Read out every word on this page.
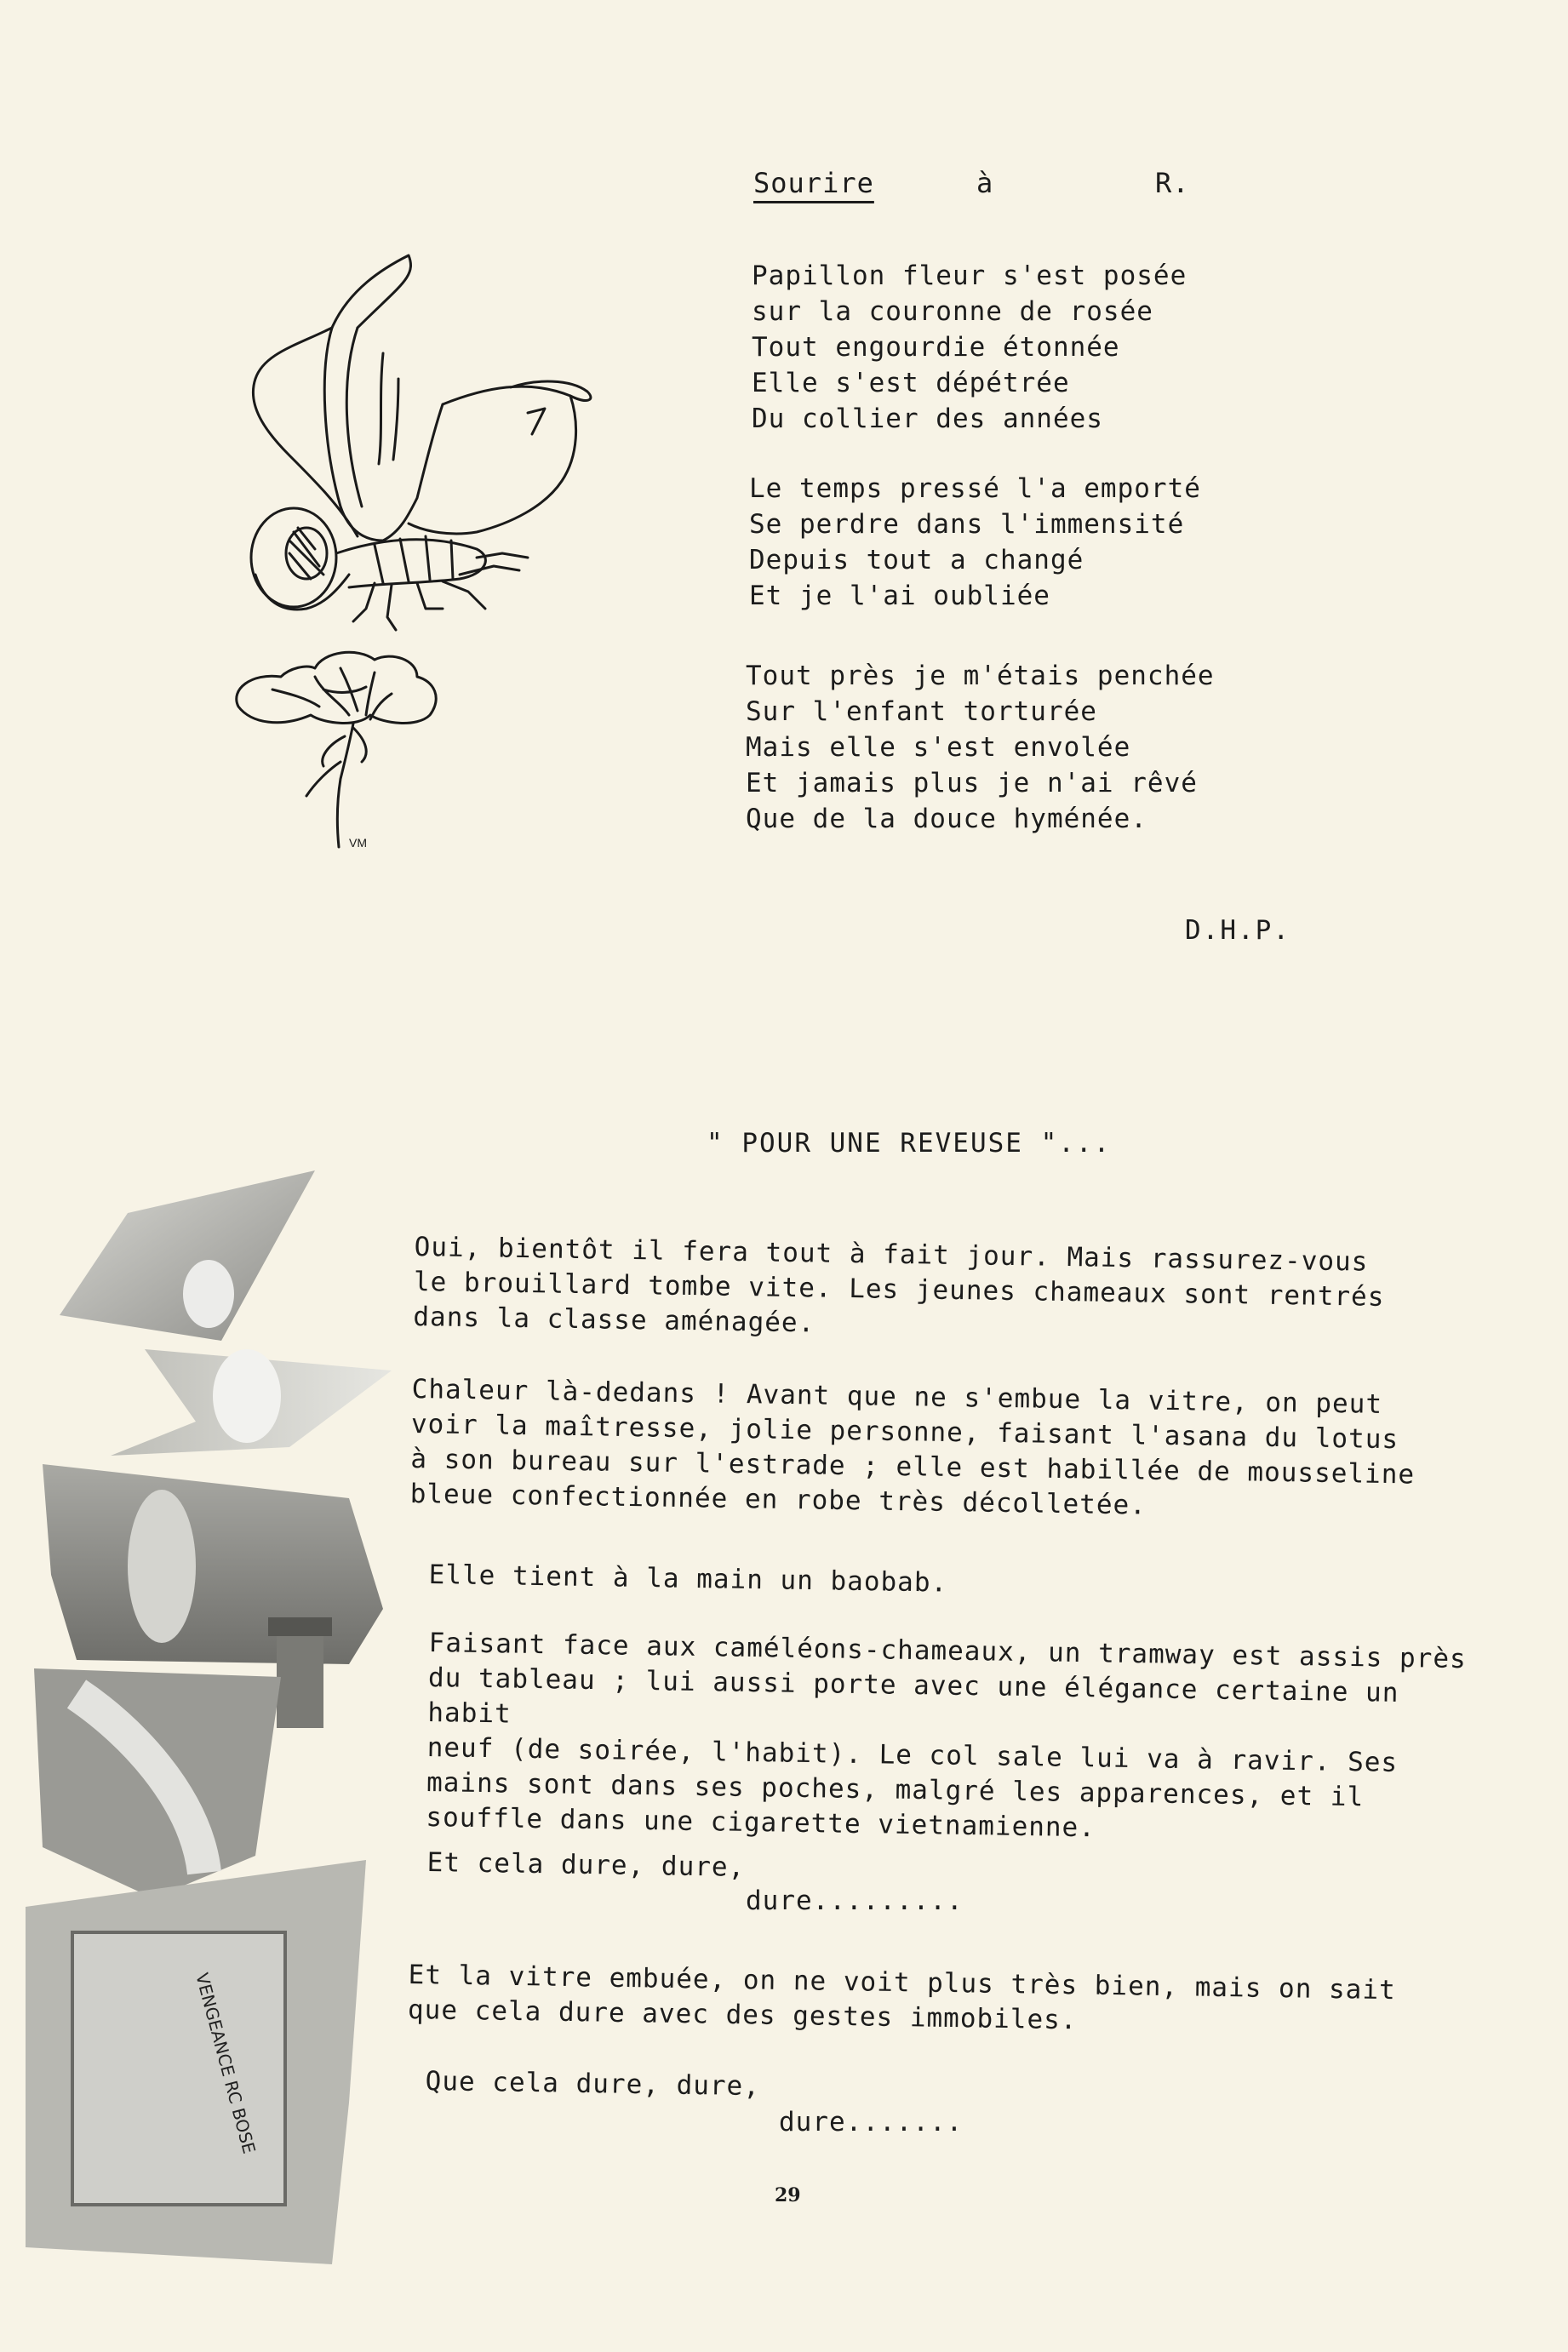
Sourire	à	R.
Papillon fleur s'est posée
sur la couronne de rosée
Tout engourdie étonnée
Elle s'est dépétrée
Du collier des années
Le temps pressé l'a emporté
Se perdre dans l'immensité
Depuis tout a changé
Et je l'ai oubliée
Tout près je m'étais penchée
Sur l'enfant torturée
Mais elle s'est envolée
Et jamais plus je n'ai rêvé
Que de la douce hyménée.
D.H.P.
VM
" POUR UNE REVEUSE "...
Oui, bientôt il fera tout à fait jour. Mais rassurez-vous
le brouillard tombe vite. Les jeunes chameaux sont rentrés
dans la classe aménagée.
Chaleur là-dedans ! Avant que ne s'embue la vitre, on peut
voir la maîtresse, jolie personne, faisant l'asana du lotus
à son bureau sur l'estrade ; elle est habillée de mousseline
bleue confectionnée en robe très décolletée.
Elle tient à la main un baobab.
Faisant face aux caméléons-chameaux, un tramway est assis près
du tableau ; lui aussi porte avec une élégance certaine un habit
neuf (de soirée, l'habit). Le col sale lui va à ravir. Ses
mains sont dans ses poches, malgré les apparences, et il
souffle dans une cigarette vietnamienne.
Et cela dure, dure,
dure.........
Et la vitre embuée, on ne voit plus très bien, mais on sait
que cela dure avec des gestes immobiles.
Que cela dure, dure,
dure.......
VENGEANCE RC BOSE
29
